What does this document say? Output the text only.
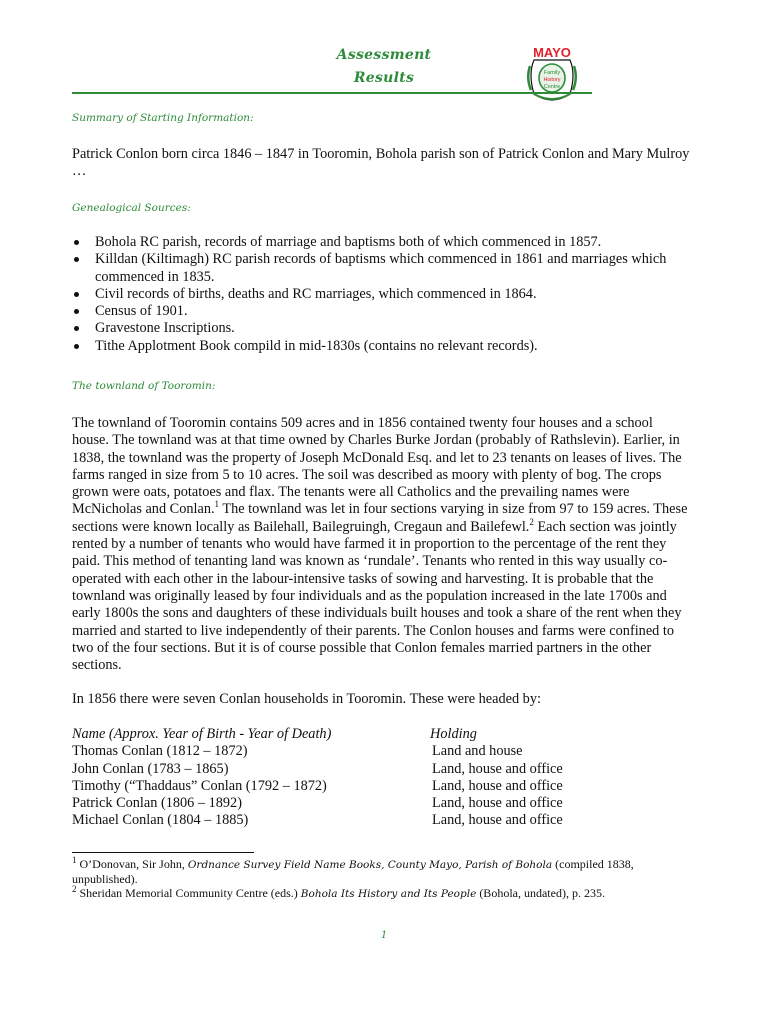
Assessment
Results
MAYO
Family
History
Centre
Summary of Starting Information:

Patrick Conlon born circa 1846 – 1847 in Tooromin, Bohola parish son of Patrick Conlon and Mary Mulroy …

Genealogical Sources:
Bohola RC parish, records of marriage and baptisms both of which commenced in 1857.
Killdan (Kiltimagh) RC parish records of baptisms which commenced in 1861 and marriages which commenced in 1835.
Civil records of births, deaths and RC marriages, which commenced in 1864.
Census of 1901.
Gravestone Inscriptions.
Tithe Applotment Book compild in mid-1830s (contains no relevant records).
The townland of Tooromin:

The townland of Tooromin contains 509 acres and in 1856 contained twenty four houses and a school house. The townland was at that time owned by Charles Burke Jordan (probably of Rathslevin). Earlier, in 1838, the townland was the property of Joseph McDonald Esq. and let to 23 tenants on leases of lives. The farms ranged in size from 5 to 10 acres. The soil was described as moory with plenty of bog. The crops grown were oats, potatoes and flax. The tenants were all Catholics and the prevailing names were McNicholas and Conlan.$^1$ The townland was let in four sections varying in size from 97 to 159 acres. These sections were known locally as Bailehall, Bailegruingh, Cregaun and Bailefewl.$^2$ Each section was jointly rented by a number of tenants who would have farmed it in proportion to the percentage of the rent they paid. This method of tenanting land was known as ‘rundale’. Tenants who rented in this way usually co-operated with each other in the labour-intensive tasks of sowing and harvesting. It is probable that the townland was originally leased by four individuals and as the population increased in the late 1700s and early 1800s the sons and daughters of these individuals built houses and took a share of the rent when they married and started to live independently of their parents. The Conlon houses and farms were confined to two of the four sections. But it is of course possible that Conlon females married partners in the other sections.

In 1856 there were seven Conlan households in Tooromin. These were headed by:

Name (Approx. Year of Birth - Year of Death)	Holding
Thomas Conlan (1812 – 1872)	Land and house
John Conlan (1783 – 1865)	Land, house and office
Timothy (“Thaddaus” Conlan (1792 – 1872)	Land, house and office
Patrick Conlan (1806 – 1892)	Land, house and office
Michael Conlan (1804 – 1885)	Land, house and office

$^1$ O’Donovan, Sir John, Ordnance Survey Field Name Books, County Mayo, Parish of Bohola (compiled 1838, unpublished).

$^2$ Sheridan Memorial Community Centre (eds.) Bohola Its History and Its People (Bohola, undated), p. 235.

1
